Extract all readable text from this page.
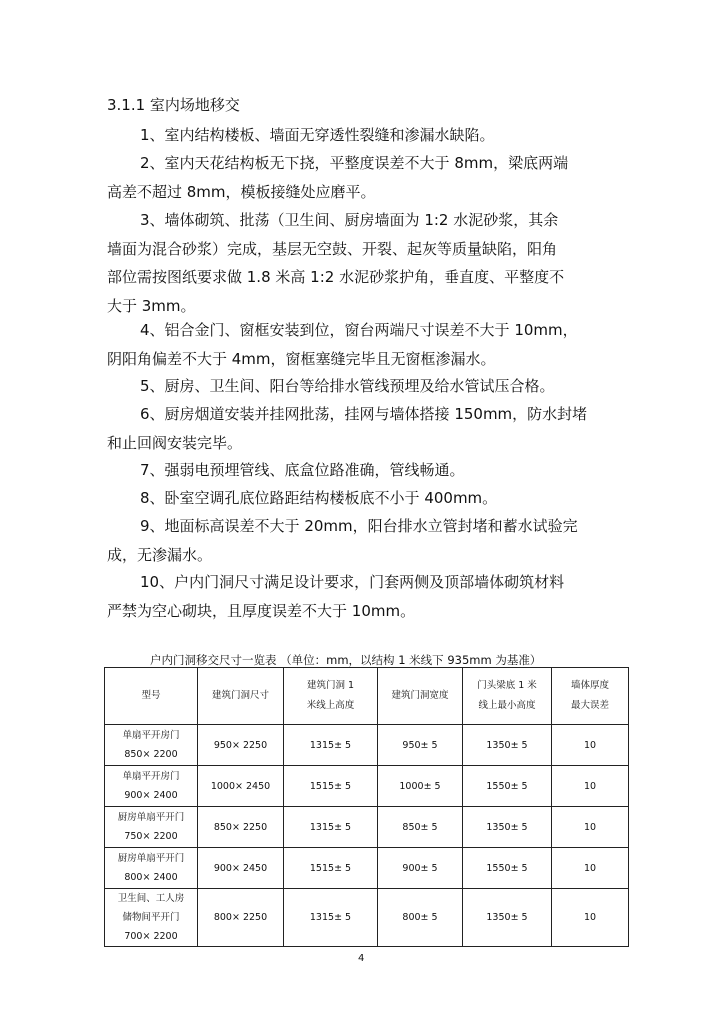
3.1.1 室内场地移交

1、室内结构楼板、墙面无穿透性裂缝和渗漏水缺陷。

2、室内天花结构板无下挠，平整度误差不大于 8mm，梁底两端
高差不超过 8mm，模板接缝处应磨平。

3、墙体砌筑、批荡（卫生间、厨房墙面为 1:2 水泥砂浆，其余
墙面为混合砂浆）完成，基层无空鼓、开裂、起灰等质量缺陷，阳角
部位需按图纸要求做 1.8 米高 1:2 水泥砂浆护角，垂直度、平整度不
大于 3mm。

4、铝合金门、窗框安装到位，窗台两端尺寸误差不大于 10mm，
阴阳角偏差不大于 4mm，窗框塞缝完毕且无窗框渗漏水。

5、厨房、卫生间、阳台等给排水管线预埋及给水管试压合格。

6、厨房烟道安装并挂网批荡，挂网与墙体搭接 150mm，防水封堵
和止回阀安装完毕。

7、强弱电预埋管线、底盒位路准确，管线畅通。

8、卧室空调孔底位路距结构楼板底不小于 400mm。

9、地面标高误差不大于 20mm，阳台排水立管封堵和蓄水试验完
成，无渗漏水。

10、户内门洞尺寸满足设计要求，门套两侧及顶部墙体砌筑材料
严禁为空心砌块，且厚度误差不大于 10mm。

户内门洞移交尺寸一览表 （单位：mm，以结构 1 米线下 935mm 为基准）
型号	建筑门洞尺寸	建筑门洞 1
米线上高度	建筑门洞宽度	门头梁底 1 米
线上最小高度	墙体厚度
最大误差
单扇平开房门
850× 2200	950× 2250	1315± 5	950± 5	1350± 5	10
单扇平开房门
900× 2400	1000× 2450	1515± 5	1000± 5	1550± 5	10
厨房单扇平开门
750× 2200	850× 2250	1315± 5	850± 5	1350± 5	10
厨房单扇平开门
800× 2400	900× 2450	1515± 5	900± 5	1550± 5	10
卫生间、工人房
储物间平开门
700× 2200	800× 2250	1315± 5	800± 5	1350± 5	10
4
